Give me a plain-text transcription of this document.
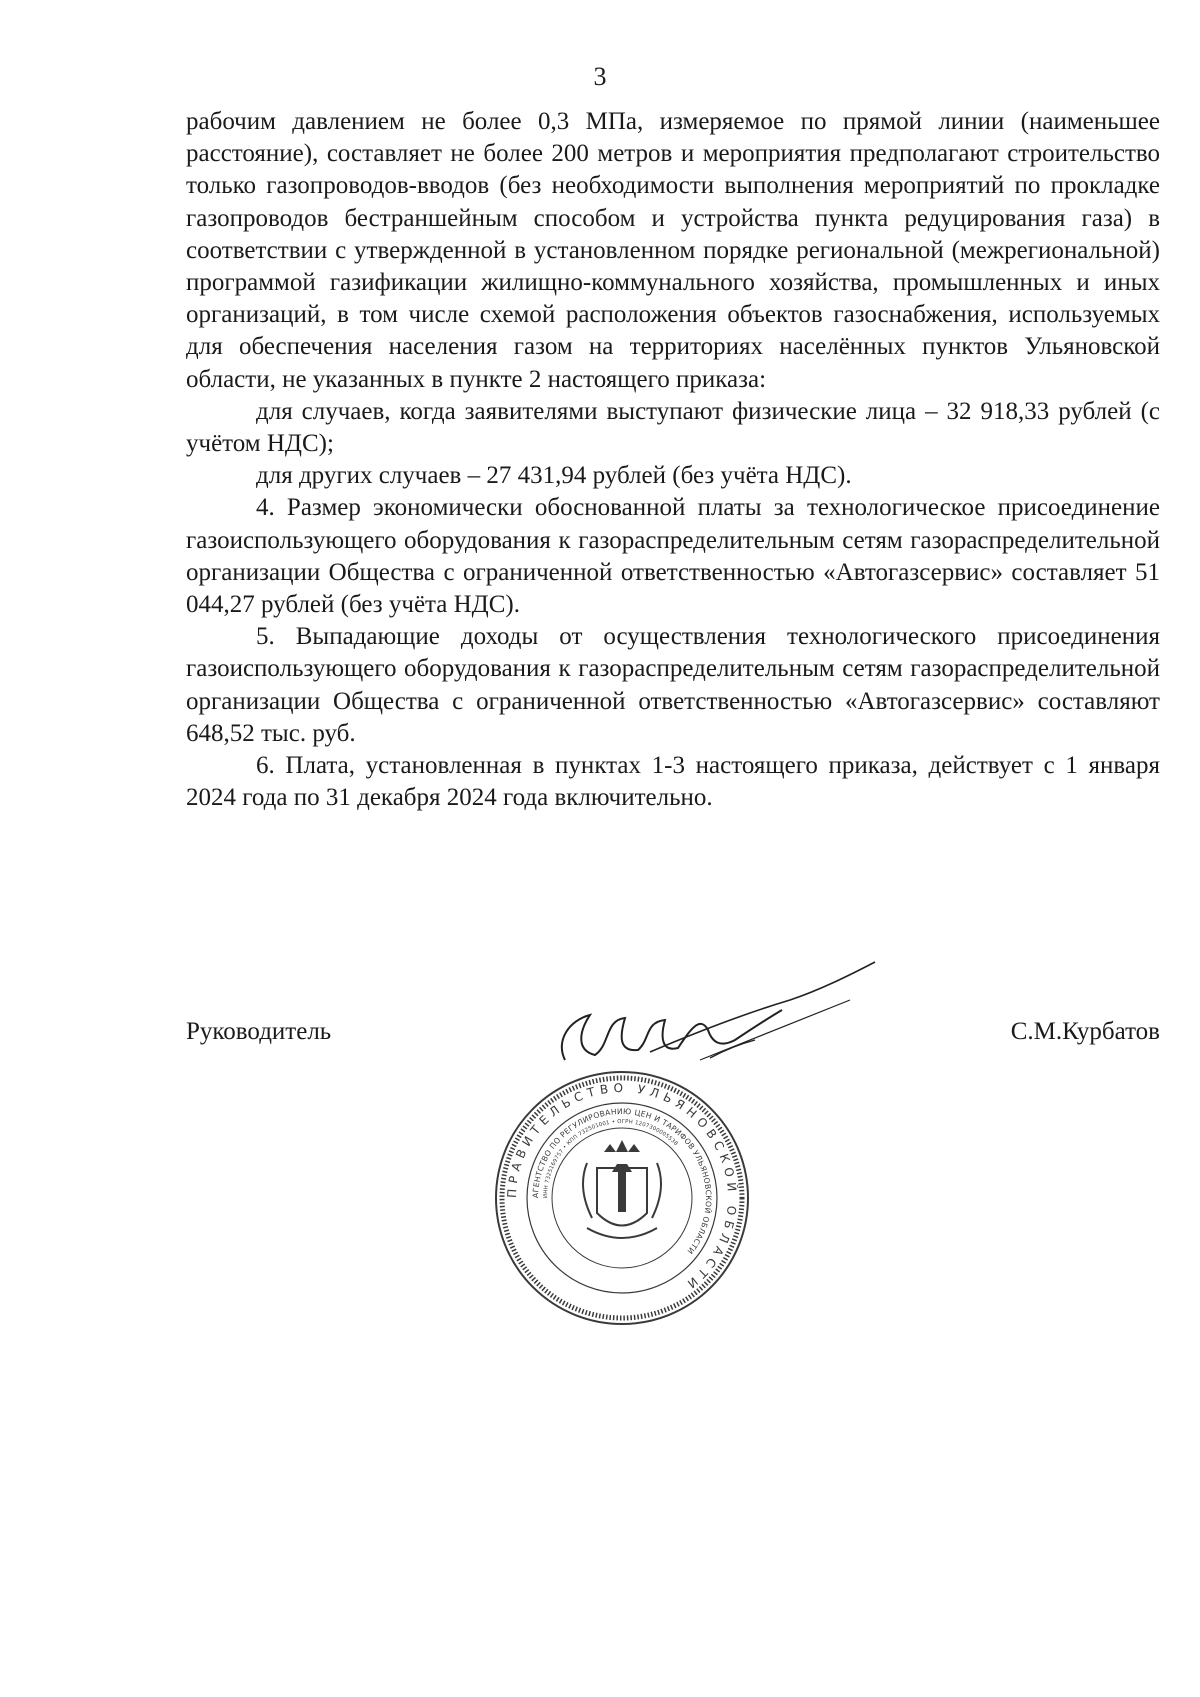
3

рабочим давлением не более 0,3 МПа, измеряемое по прямой линии (наименьшее расстояние), составляет не более 200 метров и мероприятия предполагают строительство только газопроводов-вводов (без необходимости выполнения мероприятий по прокладке газопроводов бестраншейным способом и устройства пункта редуцирования газа) в соответствии с утвержденной в установленном порядке региональной (межрегиональной) программой газификации жилищно-коммунального хозяйства, промышленных и иных организаций, в том числе схемой расположения объектов газоснабжения, используемых для обеспечения населения газом на территориях населённых пунктов Ульяновской области, не указанных в пункте 2 настоящего приказа:

для случаев, когда заявителями выступают физические лица – 32 918,33 рублей (с учётом НДС);

для других случаев – 27 431,94 рублей (без учёта НДС).

4. Размер экономически обоснованной платы за технологическое присоединение газоиспользующего оборудования к газораспределительным сетям газораспределительной организации Общества с ограниченной ответственностью «Автогазсервис» составляет 51 044,27 рублей (без учёта НДС).

5. Выпадающие доходы от осуществления технологического присоединения газоиспользующего оборудования к газораспределительным сетям газораспределительной организации Общества с ограниченной ответственностью «Автогазсервис» составляют 648,52 тыс. руб.

6. Плата, установленная в пунктах 1-3 настоящего приказа, действует с 1 января 2024 года по 31 декабря 2024 года включительно.

Руководитель	С.М.Курбатов
ПРАВИТЕЛЬСТВО УЛЬЯНОВСКОЙ ОБЛАСТИ
АГЕНТСТВО ПО РЕГУЛИРОВАНИЮ ЦЕН И ТАРИФОВ УЛЬЯНОВСКОЙ ОБЛАСТИ
ИНН 7325169757 • КПП 732501001 • ОГРН 1207300005538
